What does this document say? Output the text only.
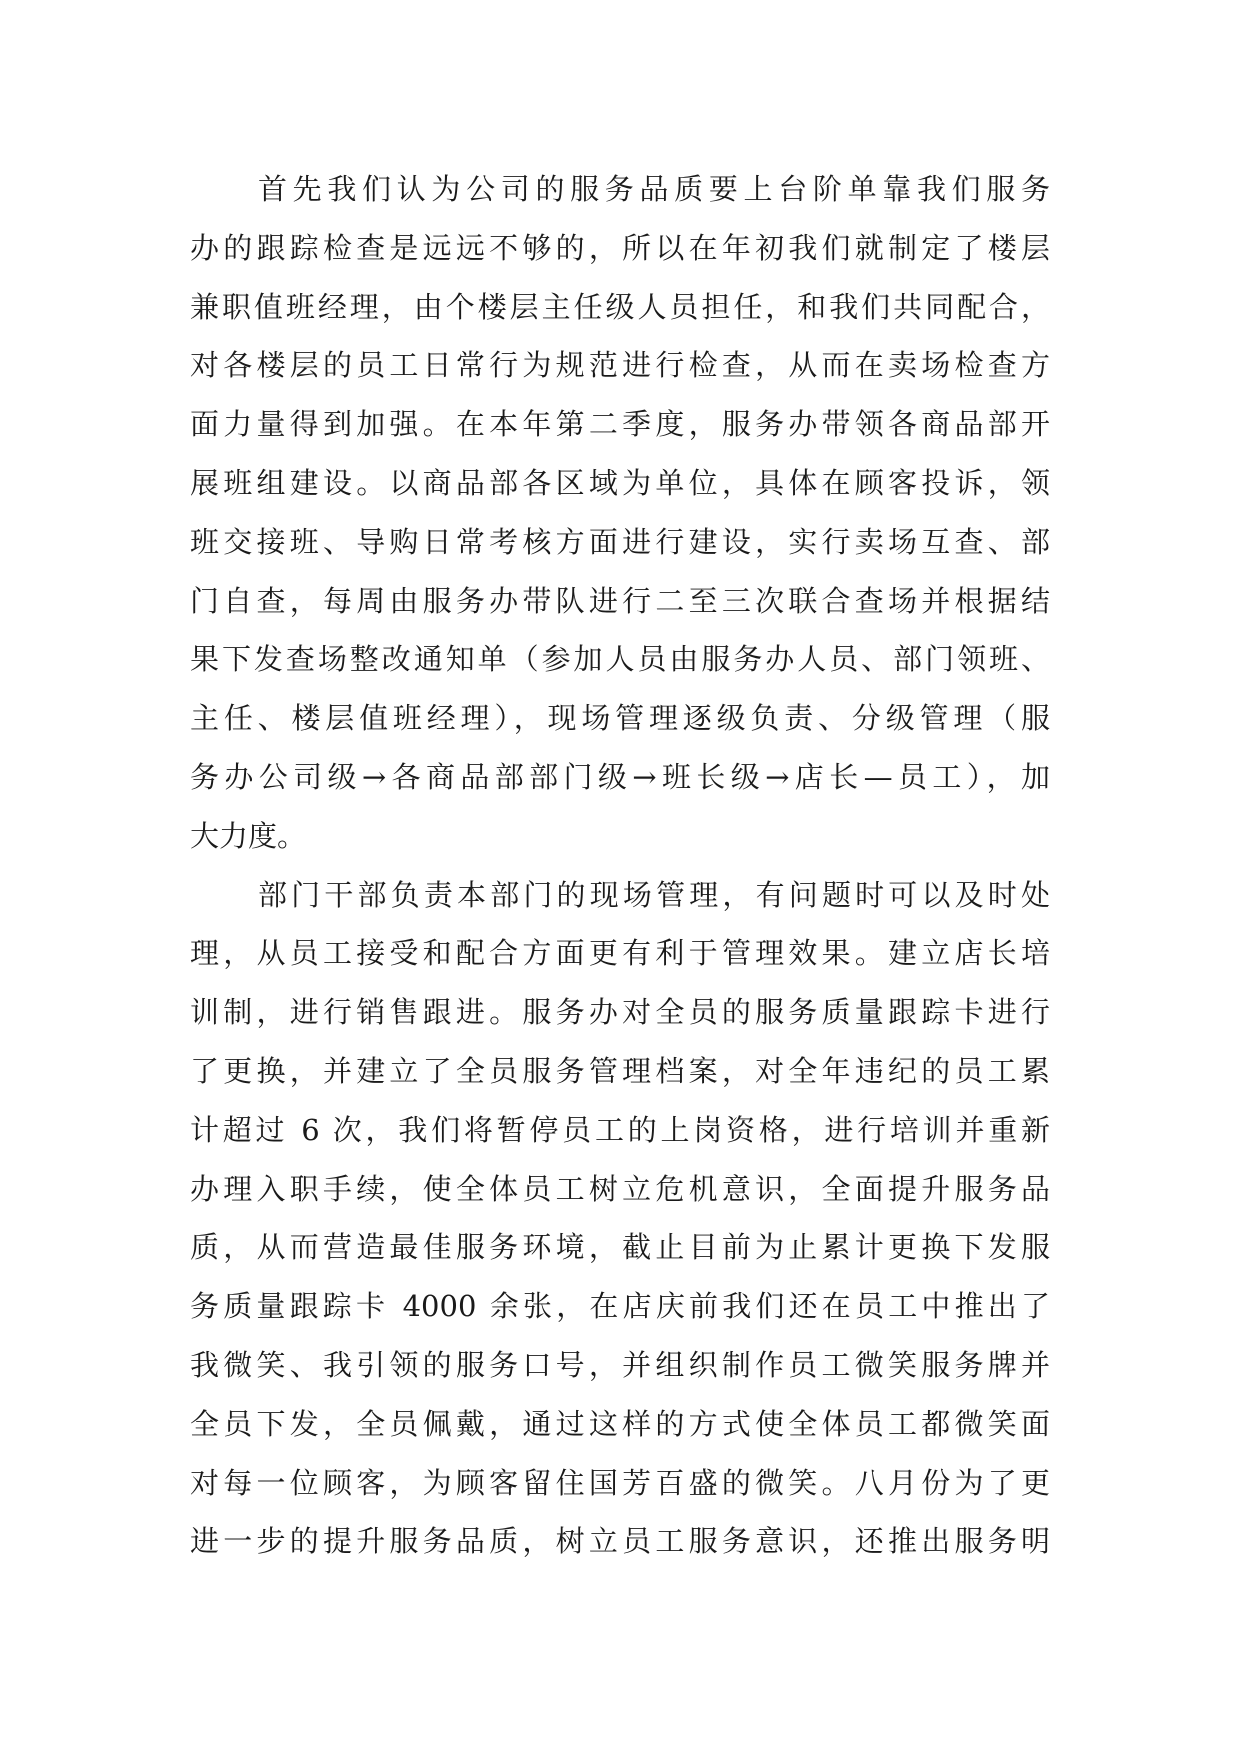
首先我们认为公司的服务品质要上台阶单靠我们服务
办的跟踪检查是远远不够的，所以在年初我们就制定了楼层
兼职值班经理，由个楼层主任级人员担任，和我们共同配合，
对各楼层的员工日常行为规范进行检查，从而在卖场检查方
面力量得到加强。在本年第二季度，服务办带领各商品部开
展班组建设。以商品部各区域为单位，具体在顾客投诉，领
班交接班、导购日常考核方面进行建设，实行卖场互查、部
门自查，每周由服务办带队进行二至三次联合查场并根据结
果下发查场整改通知单（参加人员由服务办人员、部门领班、
主任、楼层值班经理），现场管理逐级负责、分级管理（服
务办公司级→各商品部部门级→班长级→店长—员工），加
大力度。
部门干部负责本部门的现场管理，有问题时可以及时处
理，从员工接受和配合方面更有利于管理效果。建立店长培
训制，进行销售跟进。服务办对全员的服务质量跟踪卡进行
了更换，并建立了全员服务管理档案，对全年违纪的员工累
计超过 6 次，我们将暂停员工的上岗资格，进行培训并重新
办理入职手续，使全体员工树立危机意识，全面提升服务品
质，从而营造最佳服务环境，截止目前为止累计更换下发服
务质量跟踪卡 4000 余张，在店庆前我们还在员工中推出了
我微笑、我引领的服务口号，并组织制作员工微笑服务牌并
全员下发，全员佩戴，通过这样的方式使全体员工都微笑面
对每一位顾客，为顾客留住国芳百盛的微笑。八月份为了更
进一步的提升服务品质，树立员工服务意识，还推出服务明
